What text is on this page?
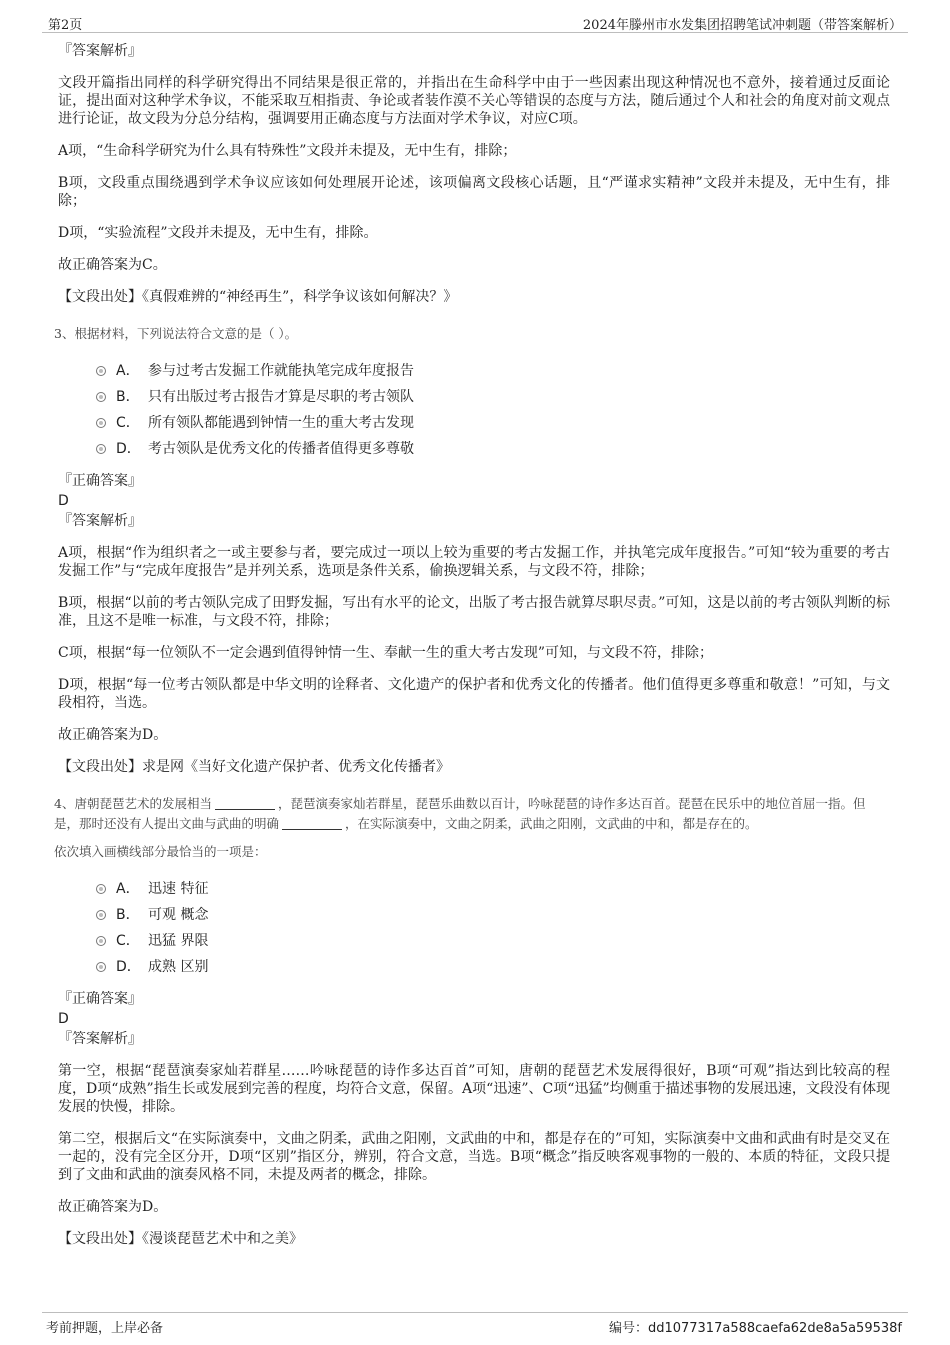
第2页	2024年滕州市水发集团招聘笔试冲刺题（带答案解析）
『答案解析』

文段开篇指出同样的科学研究得出不同结果是很正常的，并指出在生命科学中由于一些因素出现这种情况也不意外，接着通过反面论证，提出面对这种学术争议，不能采取互相指责、争论或者装作漠不关心等错误的态度与方法，随后通过个人和社会的角度对前文观点进行论证，故文段为分总分结构，强调要用正确态度与方法面对学术争议，对应C项。

A项，“生命科学研究为什么具有特殊性”文段并未提及，无中生有，排除；

B项，文段重点围绕遇到学术争议应该如何处理展开论述，该项偏离文段核心话题，且“严谨求实精神”文段并未提及，无中生有，排除；

D项，“实验流程”文段并未提及，无中生有，排除。

故正确答案为C。

【文段出处】《真假难辨的“神经再生”，科学争议该如何解决？》

3、根据材料，下列说法符合文意的是（ ）。
A． 参与过考古发掘工作就能执笔完成年度报告
B． 只有出版过考古报告才算是尽职的考古领队
C． 所有领队都能遇到钟情一生的重大考古发现
D． 考古领队是优秀文化的传播者值得更多尊敬
『正确答案』

D

『答案解析』

A项，根据“作为组织者之一或主要参与者，要完成过一项以上较为重要的考古发掘工作，并执笔完成年度报告。”可知“较为重要的考古发掘工作”与“完成年度报告”是并列关系，选项是条件关系，偷换逻辑关系，与文段不符，排除；

B项，根据“以前的考古领队完成了田野发掘，写出有水平的论文，出版了考古报告就算尽职尽责。”可知，这是以前的考古领队判断的标准，且这不是唯一标准，与文段不符，排除；

C项，根据“每一位领队不一定会遇到值得钟情一生、奉献一生的重大考古发现”可知，与文段不符，排除；

D项，根据“每一位考古领队都是中华文明的诠释者、文化遗产的保护者和优秀文化的传播者。他们值得更多尊重和敬意！”可知，与文段相符，当选。

故正确答案为D。

【文段出处】求是网《当好文化遗产保护者、优秀文化传播者》

4、唐朝琵琶艺术的发展相当	，琵琶演奏家灿若群星，琵琶乐曲数以百计，吟咏琵琶的诗作多达百首。琵琶在民乐中的地位首屈一指。但是，那时还没有人提出文曲与武曲的明确	，在实际演奏中，文曲之阴柔，武曲之阳刚，文武曲的中和，都是存在的。
依次填入画横线部分最恰当的一项是：
A． 迅速 特征
B． 可观 概念
C． 迅猛 界限
D． 成熟 区别
『正确答案』

D

『答案解析』

第一空，根据“琵琶演奏家灿若群星……吟咏琵琶的诗作多达百首”可知，唐朝的琵琶艺术发展得很好，B项“可观”指达到比较高的程度，D项“成熟”指生长或发展到完善的程度，均符合文意，保留。A项“迅速”、C项“迅猛”均侧重于描述事物的发展迅速，文段没有体现发展的快慢，排除。

第二空，根据后文“在实际演奏中，文曲之阴柔，武曲之阳刚，文武曲的中和，都是存在的”可知，实际演奏中文曲和武曲有时是交叉在一起的，没有完全区分开，D项“区别”指区分，辨别，符合文意，当选。B项“概念”指反映客观事物的一般的、本质的特征，文段只提到了文曲和武曲的演奏风格不同，未提及两者的概念，排除。

故正确答案为D。

【文段出处】《漫谈琵琶艺术中和之美》

考前押题，上岸必备	编号：dd1077317a588caefa62de8a5a59538f
